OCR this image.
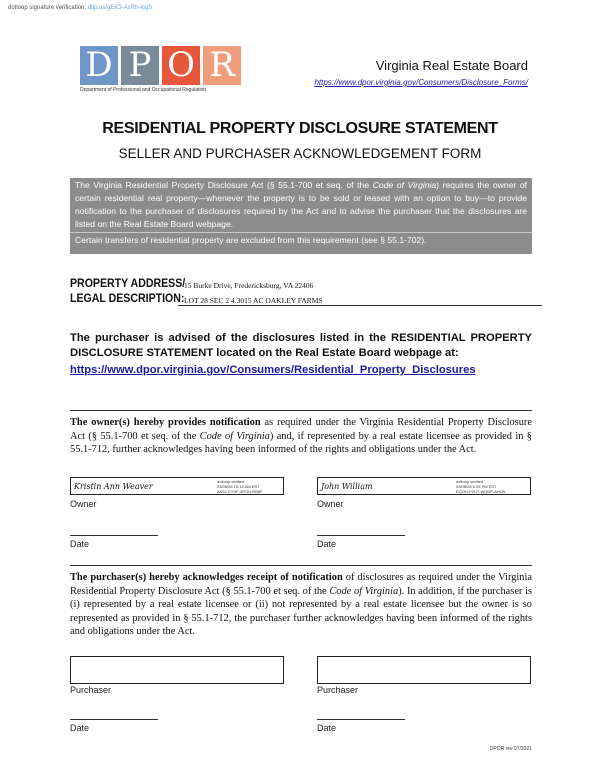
dotloop signature verification: dtlp.us/gEK3-AsRh-kjqS
D P O R
Department of Professional and Occupational Regulation
Virginia Real Estate Board
https://www.dpor.virginia.gov/Consumers/Disclosure_Forms/
RESIDENTIAL PROPERTY DISCLOSURE STATEMENT
SELLER AND PURCHASER ACKNOWLEDGEMENT FORM
The Virginia Residential Property Disclosure Act (§ 55.1-700 et seq. of the Code of Virginia) requires the owner of certain residential real property—whenever the property is to be sold or leased with an option to buy—to provide notification to the purchaser of disclosures required by the Act and to advise the purchaser that the disclosures are listed on the Real Estate Board webpage.
Certain transfers of residential property are excluded from this requirement (see § 55.1-702).
PROPERTY ADDRESS/
15 Burke Drive, Fredericksburg, VA 22406
LEGAL DESCRIPTION: LOT 28 SEC 2 4.3015 AC OAKLEY FARMS
The purchaser is advised of the disclosures listed in the RESIDENTIAL PROPERTY DISCLOSURE STATEMENT located on the Real Estate Board webpage at:
https://www.dpor.virginia.gov/Consumers/Residential_Property_Disclosures
The owner(s) hereby provides notification as required under the Virginia Residential Property Disclosure Act (§ 55.1-700 et seq. of the Code of Virginia) and, if represented by a real estate licensee as provided in § 55.1-712, further acknowledges having been informed of the rights and obligations under the Act.
Kristin Ann Weaver
dotloop verified
03/08/26 10:14 AM EST
AK6J-CYHF-5POH-RB6F
John William
dotloop verified
03/08/26 6:25 PM EST
EQOH-P2UT-WQDP-AHLW
Owner	Owner
Date	Date
The purchaser(s) hereby acknowledges receipt of notification of disclosures as required under the Virginia Residential Property Disclosure Act (§ 55.1-700 et seq. of the Code of Virginia). In addition, if the purchaser is (i) represented by a real estate licensee or (ii) not represented by a real estate licensee but the owner is so represented as provided in § 55.1-712, the purchaser further acknowledges having been informed of the rights and obligations under the Act.
Purchaser	Purchaser
Date	Date
DPOR rev 07/2021
